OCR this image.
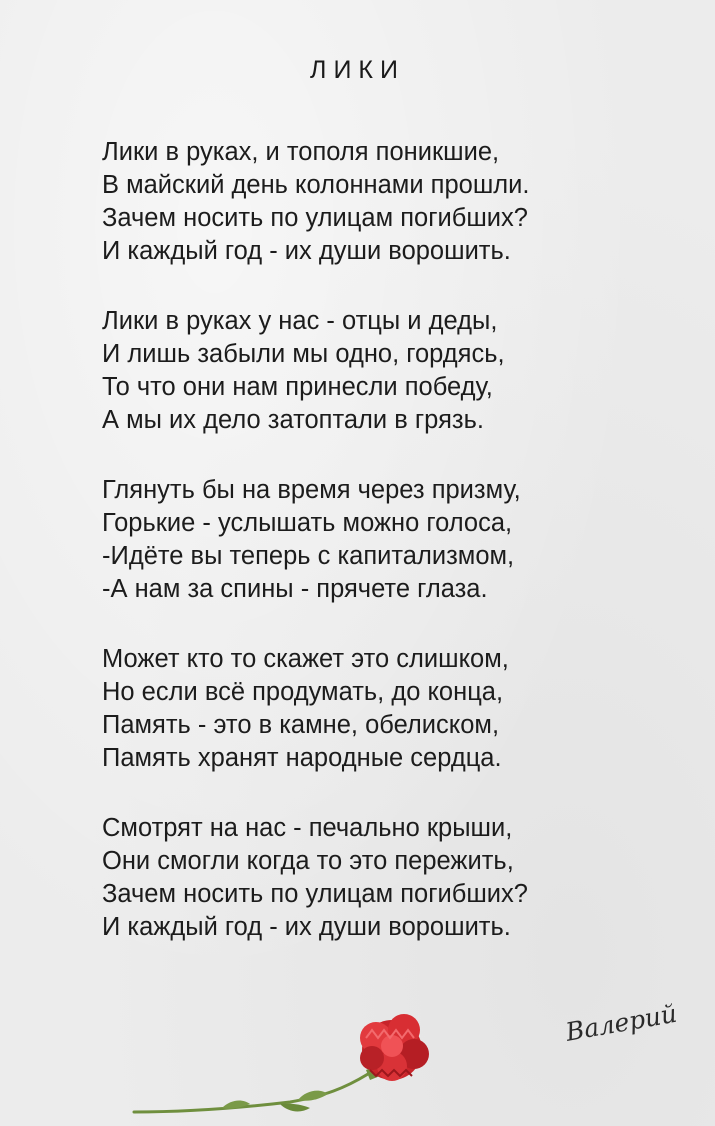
ЛИКИ
Лики в руках, и тополя поникшие,
В майский день колоннами прошли.
Зачем носить по улицам погибших?
И каждый год - их души ворошить.
Лики в руках у нас - отцы и деды,
И лишь забыли мы одно, гордясь,
То что они нам принесли победу,
А мы их дело затоптали в грязь.
Глянуть бы на время через призму,
Горькие - услышать можно голоса,
-Идёте вы теперь с капитализмом,
-А нам за спины - прячете глаза.
Может кто то скажет это слишком,
Но если всё продумать, до конца,
Память - это в камне, обелиском,
Память хранят народные сердца.
Смотрят на нас - печально крыши,
Они смогли когда то это пережить,
Зачем носить по улицам погибших?
И каждый год - их души ворошить.
Валерий
